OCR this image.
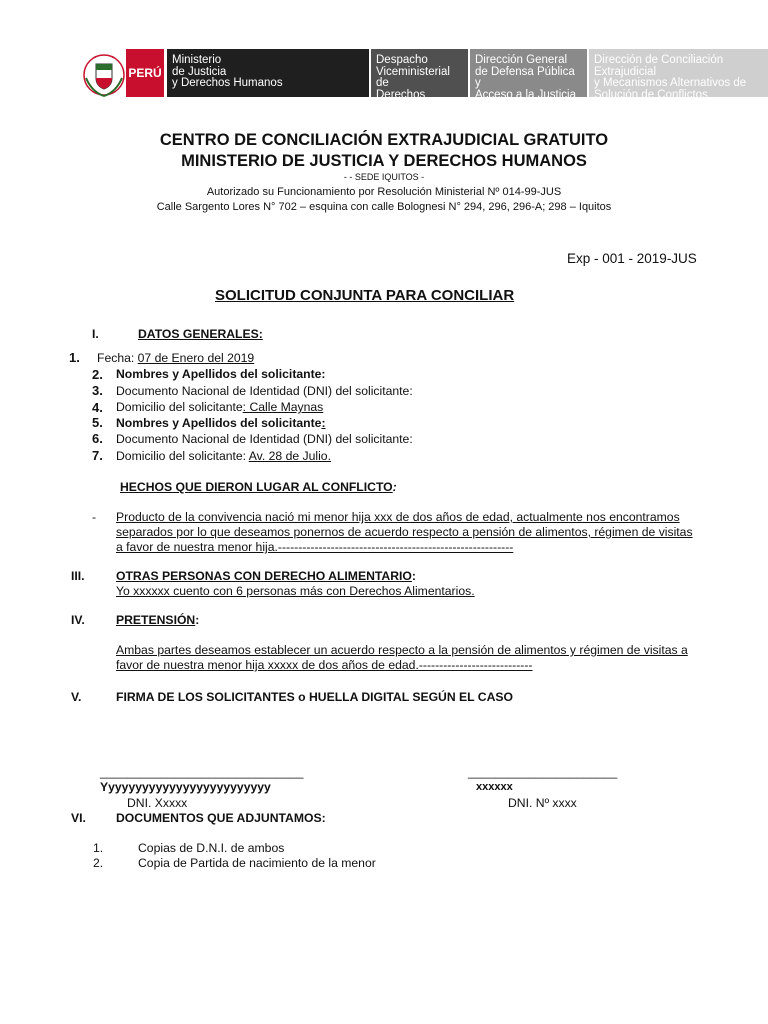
PERÚ
Ministerio
de Justicia
y Derechos Humanos
Despacho
Viceministerial de
Derechos Humanos
Dirección General
de Defensa Pública y
Acceso a la Justicia
Dirección de Conciliación Extrajudicial
y Mecanismos Alternativos de
Solución de Conflictos
CENTRO DE CONCILIACIÓN EXTRAJUDICIAL GRATUITO
MINISTERIO DE JUSTICIA Y DERECHOS HUMANOS
- - SEDE IQUITOS -
Autorizado su Funcionamiento por Resolución Ministerial Nº 014-99-JUS
Calle Sargento Lores N° 702 – esquina con calle Bolognesi N° 294, 296, 296-A; 298 – Iquitos
Exp - 001 - 2019-JUS
SOLICITUD CONJUNTA PARA CONCILIAR
I.	DATOS GENERALES:
1. Fecha: 07 de Enero del 2019
2. Nombres y Apellidos del solicitante:
3. Documento Nacional de Identidad (DNI) del solicitante:
4. Domicilio del solicitante: Calle Maynas
5. Nombres y Apellidos del solicitante:
6. Documento Nacional de Identidad (DNI) del solicitante:
7. Domicilio del solicitante: Av. 28 de Julio.
HECHOS QUE DIERON LUGAR AL CONFLICTO:
- Producto de la convivencia nació mi menor hija xxx de dos años de edad, actualmente nos encontramos
separados por lo que deseamos ponernos de acuerdo respecto a pensión de alimentos, régimen de visitas
a favor de nuestra menor hija.----------------------------------------------------------
III.	OTRAS PERSONAS CON DERECHO ALIMENTARIO:
Yo xxxxxx cuento con 6 personas más con Derechos Alimentarios.
IV.	PRETENSIÓN:
Ambas partes deseamos establecer un acuerdo respecto a la pensión de alimentos y régimen de visitas a
favor de nuestra menor hija xxxxx de dos años de edad.----------------------------
V.	FIRMA DE LOS SOLICITANTES o HUELLA DIGITAL SEGÚN EL CASO
______________________________
Yyyyyyyyyyyyyyyyyyyyyyyyy
DNI. Xxxxx
______________________
xxxxxx
DNI. Nº xxxx
VI. DOCUMENTOS QUE ADJUNTAMOS:
1.	Copias de D.N.I. de ambos
2.	Copia de Partida de nacimiento de la menor
